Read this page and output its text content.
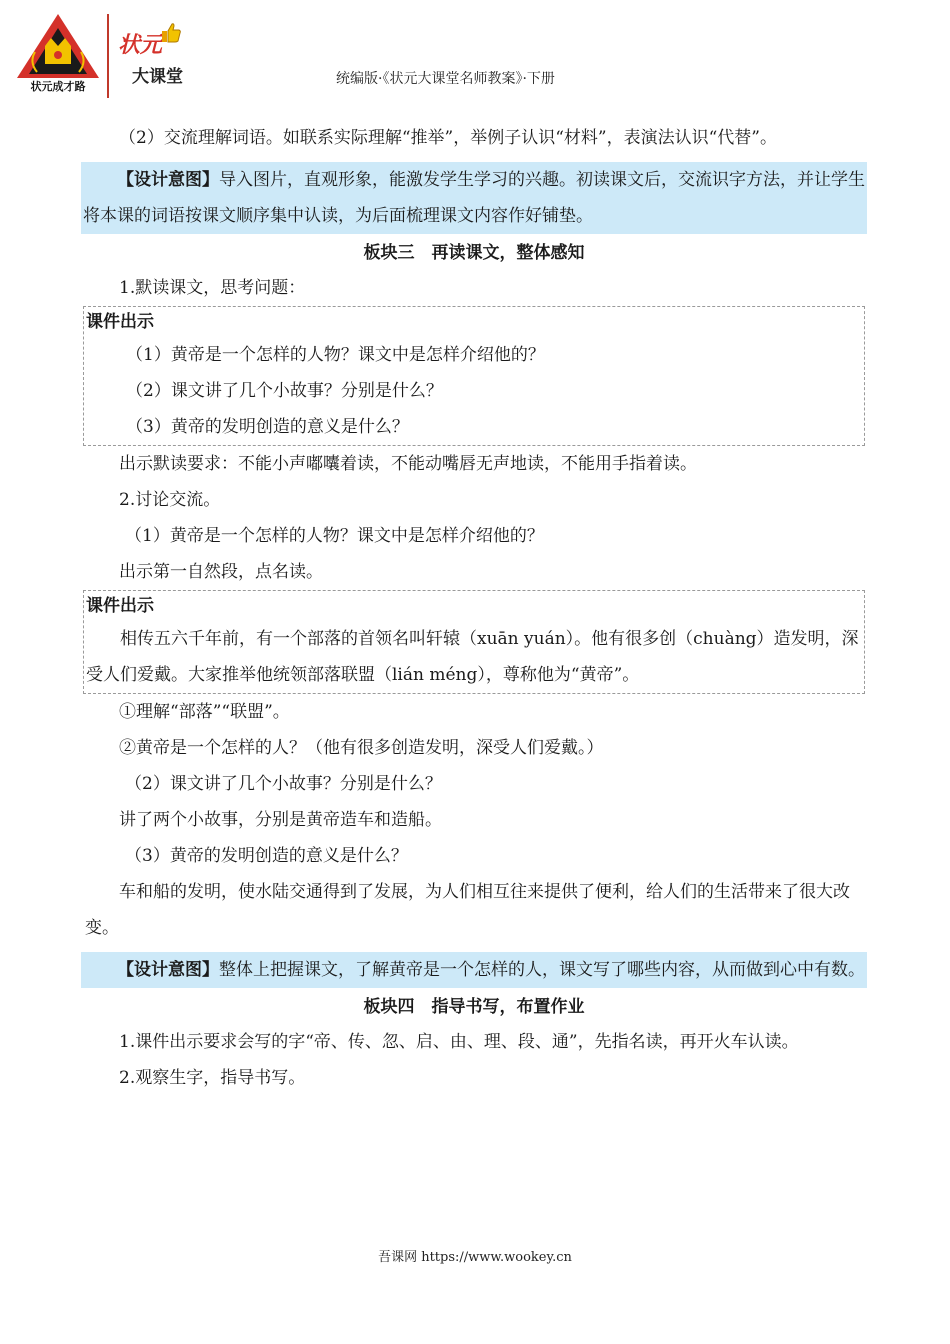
状元成才路
状元
大课堂	统编版·《状元大课堂名师教案》·下册

（2）交流理解词语。如联系实际理解“推举”，举例子认识“材料”，表演法认识“代替”。

【设计意图】导入图片，直观形象，能激发学生学习的兴趣。初读课文后，交流识字方法，并让学生将本课的词语按课文顺序集中认读，为后面梳理课文内容作好铺垫。

板块三　再读课文，整体感知

1.默读课文，思考问题：

课件出示

（1）黄帝是一个怎样的人物？课文中是怎样介绍他的？

（2）课文讲了几个小故事？分别是什么？

（3）黄帝的发明创造的意义是什么？

出示默读要求：不能小声嘟囔着读，不能动嘴唇无声地读，不能用手指着读。

2.讨论交流。

（1）黄帝是一个怎样的人物？课文中是怎样介绍他的？

出示第一自然段，点名读。

课件出示

相传五六千年前，有一个部落的首领名叫轩辕（xuān yuán）。他有很多创（chuàng）造发明，深受人们爱戴。大家推举他统领部落联盟（lián méng），尊称他为“黄帝”。

①理解“部落”“联盟”。

②黄帝是一个怎样的人？（他有很多创造发明，深受人们爱戴。）

（2）课文讲了几个小故事？分别是什么？

讲了两个小故事，分别是黄帝造车和造船。

（3）黄帝的发明创造的意义是什么？

车和船的发明，使水陆交通得到了发展，为人们相互往来提供了便利，给人们的生活带来了很大改变。

【设计意图】整体上把握课文，了解黄帝是一个怎样的人，课文写了哪些内容，从而做到心中有数。

板块四　指导书写，布置作业

1.课件出示要求会写的字“帝、传、忽、启、由、理、段、通”，先指名读，再开火车认读。

2.观察生字，指导书写。

吾课网 https://www.wookey.cn
